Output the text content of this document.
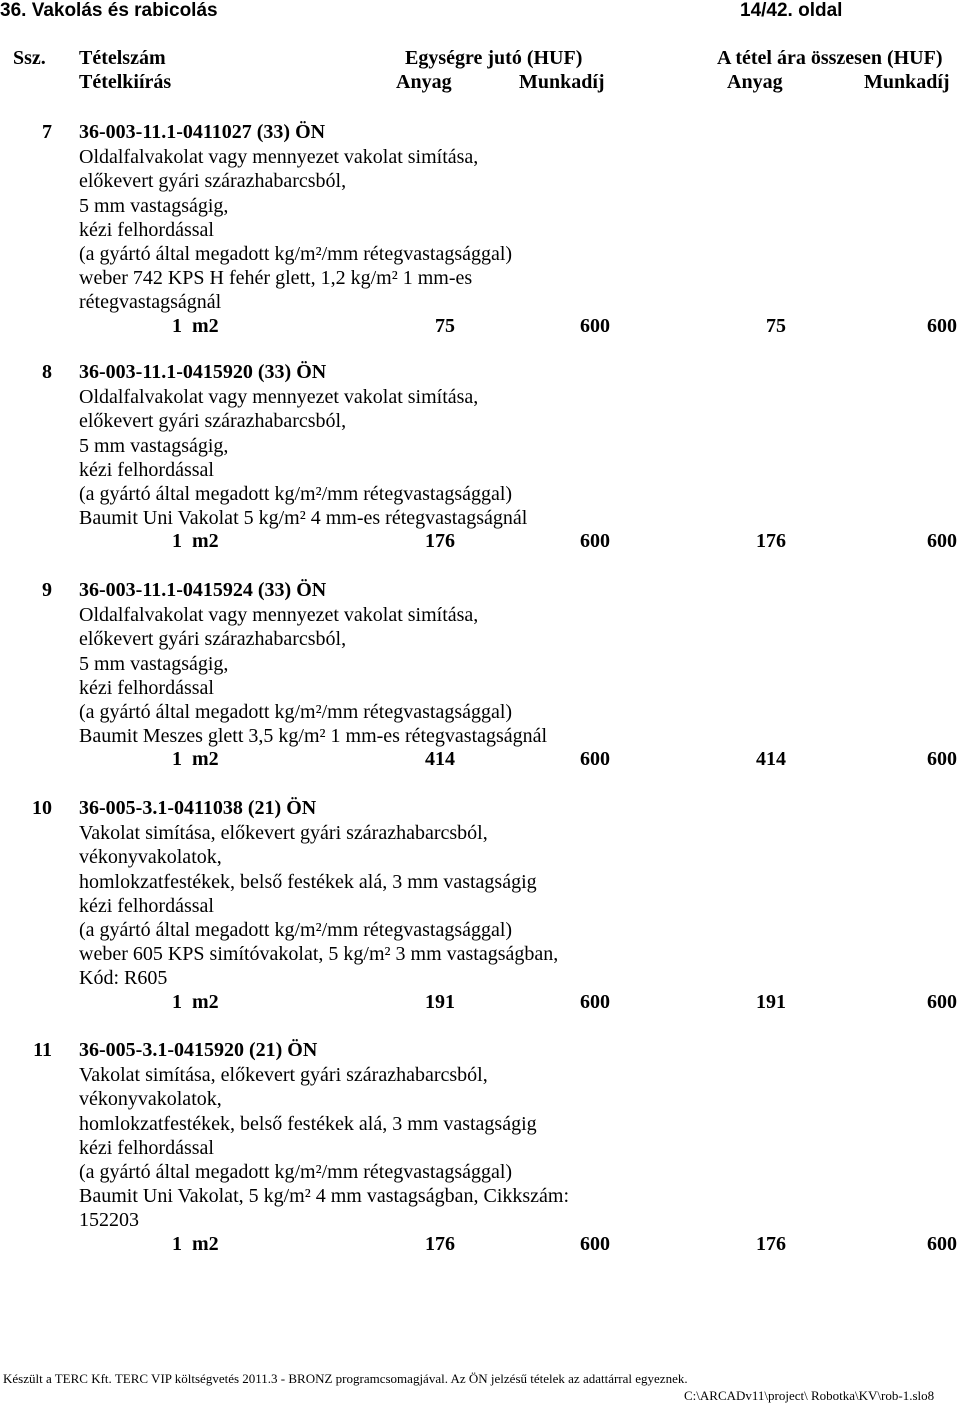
36. Vakolás és rabicolás	14/42. oldal
Ssz. Tételszám
Tételkiírás
Egységre jutó (HUF)	A tétel ára összesen (HUF)
Anyag	Munkadíj	Anyag	Munkadíj
7 36-003-11.1-0411027 (33) ÖN
Oldalfalvakolat vagy mennyezet vakolat simítása,
előkevert gyári szárazhabarcsból,
5 mm vastagságig,
kézi felhordással
(a gyártó által megadott kg/m²/mm rétegvastagsággal)
weber 742 KPS H fehér glett, 1,2 kg/m² 1 mm-es
rétegvastagságnál
1 m2	75	600	75	600
8 36-003-11.1-0415920 (33) ÖN
Oldalfalvakolat vagy mennyezet vakolat simítása,
előkevert gyári szárazhabarcsból,
5 mm vastagságig,
kézi felhordással
(a gyártó által megadott kg/m²/mm rétegvastagsággal)
Baumit Uni Vakolat 5 kg/m² 4 mm-es rétegvastagságnál
1 m2	176	600	176	600
9 36-003-11.1-0415924 (33) ÖN
Oldalfalvakolat vagy mennyezet vakolat simítása,
előkevert gyári szárazhabarcsból,
5 mm vastagságig,
kézi felhordással
(a gyártó által megadott kg/m²/mm rétegvastagsággal)
Baumit Meszes glett 3,5 kg/m² 1 mm-es rétegvastagságnál
1 m2	414	600	414	600
10 36-005-3.1-0411038 (21) ÖN
Vakolat simítása, előkevert gyári szárazhabarcsból,
vékonyvakolatok,
homlokzatfestékek, belső festékek alá, 3 mm vastagságig
kézi felhordással
(a gyártó által megadott kg/m²/mm rétegvastagsággal)
weber 605 KPS simítóvakolat, 5 kg/m² 3 mm vastagságban,
Kód: R605
1 m2	191	600	191	600
11 36-005-3.1-0415920 (21) ÖN
Vakolat simítása, előkevert gyári szárazhabarcsból,
vékonyvakolatok,
homlokzatfestékek, belső festékek alá, 3 mm vastagságig
kézi felhordással
(a gyártó által megadott kg/m²/mm rétegvastagsággal)
Baumit Uni Vakolat, 5 kg/m² 4 mm vastagságban, Cikkszám:
152203
1 m2	176	600	176	600
Készült a TERC Kft. TERC VIP költségvetés 2011.3 - BRONZ programcsomagjával. Az ÖN jelzésű tételek az adattárral egyeznek.
C:\ARCADv11\project\ Robotka\KV\rob-1.slo8
